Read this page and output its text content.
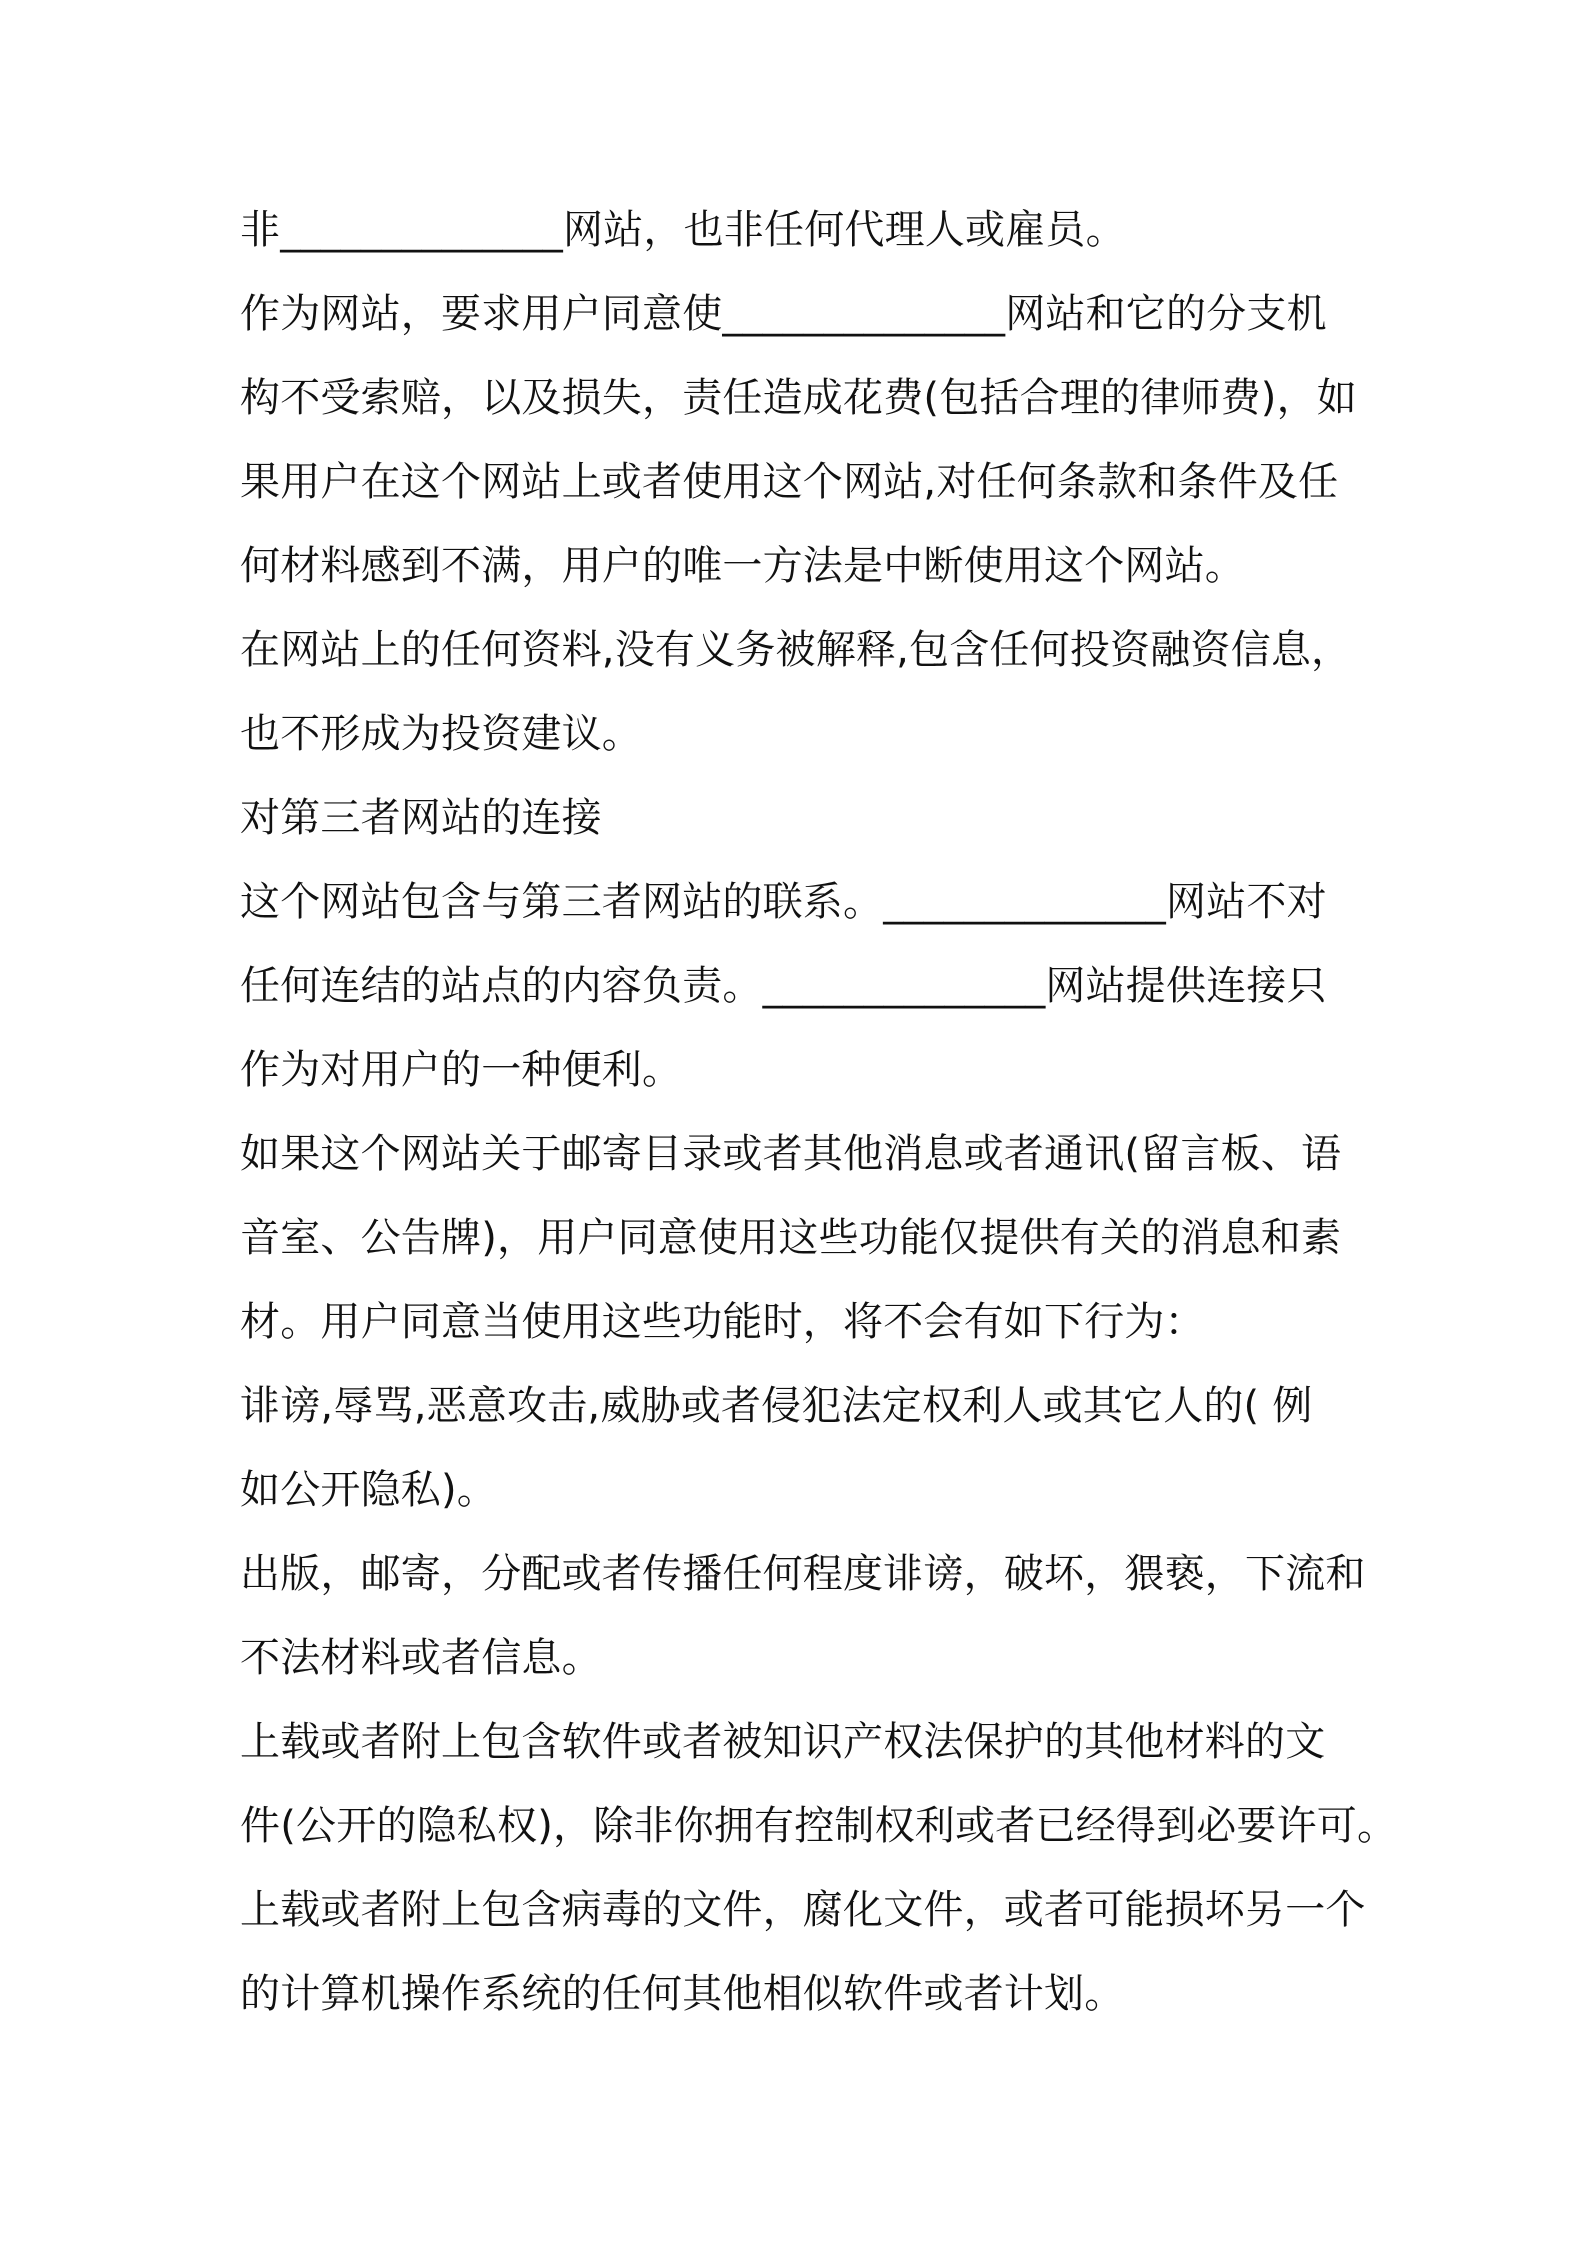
非______________网站，也非任何代理人或雇员。

作为网站，要求用户同意使______________网站和它的分支机

构不受索赔，以及损失，责任造成花费(包括合理的律师费)，如

果用户在这个网站上或者使用这个网站,对任何条款和条件及任

何材料感到不满，用户的唯一方法是中断使用这个网站。

在网站上的任何资料,没有义务被解释,包含任何投资融资信息，

也不形成为投资建议。

对第三者网站的连接

这个网站包含与第三者网站的联系。______________网站不对

任何连结的站点的内容负责。______________网站提供连接只

作为对用户的一种便利。

如果这个网站关于邮寄目录或者其他消息或者通讯(留言板、语

音室、公告牌)，用户同意使用这些功能仅提供有关的消息和素

材。用户同意当使用这些功能时，将不会有如下行为：

诽谤,辱骂,恶意攻击,威胁或者侵犯法定权利人或其它人的( 例

如公开隐私)。

出版，邮寄，分配或者传播任何程度诽谤，破坏，猥亵，下流和

不法材料或者信息。

上载或者附上包含软件或者被知识产权法保护的其他材料的文

件(公开的隐私权)，除非你拥有控制权利或者已经得到必要许可。

上载或者附上包含病毒的文件，腐化文件，或者可能损坏另一个

的计算机操作系统的任何其他相似软件或者计划。
